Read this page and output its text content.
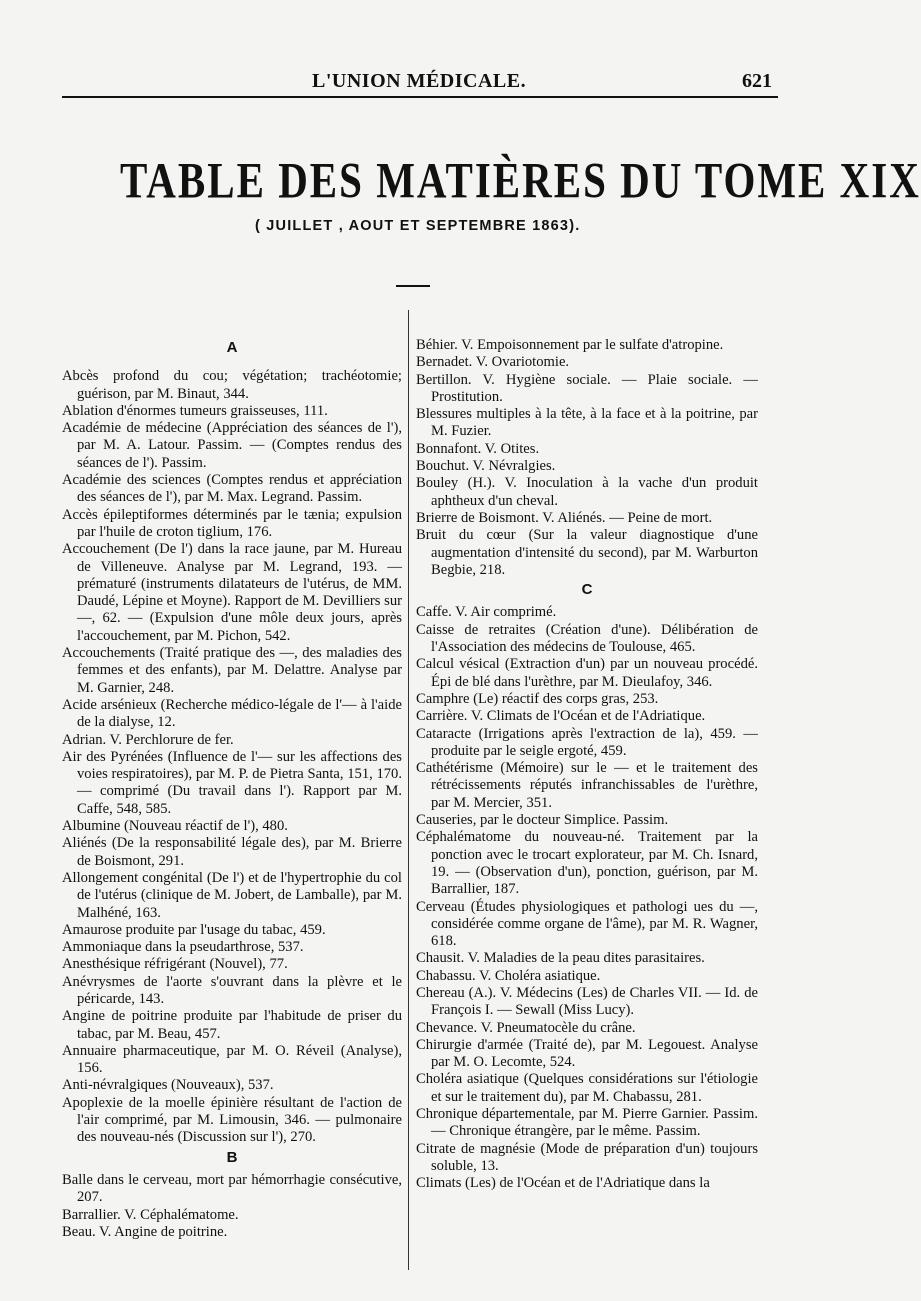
L'UNION MÉDICALE.	621
TABLE DES MATIÈRES DU TOME XIX
( JUILLET , AOUT ET SEPTEMBRE 1863).
A
Abcès profond du cou; végétation; trachéotomie; guérison, par M. Binaut, 344.
Ablation d'énormes tumeurs graisseuses, 111.
Académie de médecine (Appréciation des séances de l'), par M. A. Latour. Passim. — (Comptes rendus des séances de l'). Passim.
Académie des sciences (Comptes rendus et appréciation des séances de l'), par M. Max. Legrand. Passim.
Accès épileptiformes déterminés par le tænia; expulsion par l'huile de croton tiglium, 176.
Accouchement (De l') dans la race jaune, par M. Hureau de Villeneuve. Analyse par M. Legrand, 193. — prématuré (instruments dilatateurs de l'utérus, de MM. Daudé, Lépine et Moyne). Rapport de M. Devilliers sur —, 62. — (Expulsion d'une môle deux jours, après l'accouchement, par M. Pichon, 542.
Accouchements (Traité pratique des —, des maladies des femmes et des enfants), par M. Delattre. Analyse par M. Garnier, 248.
Acide arsénieux (Recherche médico-légale de l'— à l'aide de la dialyse, 12.
Adrian. V. Perchlorure de fer.
Air des Pyrénées (Influence de l'— sur les affections des voies respiratoires), par M. P. de Pietra Santa, 151, 170. — comprimé (Du travail dans l'). Rapport par M. Caffe, 548, 585.
Albumine (Nouveau réactif de l'), 480.
Aliénés (De la responsabilité légale des), par M. Brierre de Boismont, 291.
Allongement congénital (De l') et de l'hypertrophie du col de l'utérus (clinique de M. Jobert, de Lamballe), par M. Malhéné, 163.
Amaurose produite par l'usage du tabac, 459.
Ammoniaque dans la pseudarthrose, 537.
Anesthésique réfrigérant (Nouvel), 77.
Anévrysmes de l'aorte s'ouvrant dans la plèvre et le péricarde, 143.
Angine de poitrine produite par l'habitude de priser du tabac, par M. Beau, 457.
Annuaire pharmaceutique, par M. O. Réveil (Analyse), 156.
Anti-névralgiques (Nouveaux), 537.
Apoplexie de la moelle épinière résultant de l'action de l'air comprimé, par M. Limousin, 346. — pulmonaire des nouveau-nés (Discussion sur l'), 270.
B
Balle dans le cerveau, mort par hémorrhagie consécutive, 207.
Barrallier. V. Céphalématome.
Beau. V. Angine de poitrine.
Béhier. V. Empoisonnement par le sulfate d'atropine.
Bernadet. V. Ovariotomie.
Bertillon. V. Hygiène sociale. — Plaie sociale. — Prostitution.
Blessures multiples à la tête, à la face et à la poitrine, par M. Fuzier.
Bonnafont. V. Otites.
Bouchut. V. Névralgies.
Bouley (H.). V. Inoculation à la vache d'un produit aphtheux d'un cheval.
Brierre de Boismont. V. Aliénés. — Peine de mort.
Bruit du cœur (Sur la valeur diagnostique d'une augmentation d'intensité du second), par M. Warburton Begbie, 218.
C
Caffe. V. Air comprimé.
Caisse de retraites (Création d'une). Délibération de l'Association des médecins de Toulouse, 465.
Calcul vésical (Extraction d'un) par un nouveau procédé. Épi de blé dans l'urèthre, par M. Dieulafoy, 346.
Camphre (Le) réactif des corps gras, 253.
Carrière. V. Climats de l'Océan et de l'Adriatique.
Cataracte (Irrigations après l'extraction de la), 459. — produite par le seigle ergoté, 459.
Cathétérisme (Mémoire) sur le — et le traitement des rétrécissements réputés infranchissables de l'urèthre, par M. Mercier, 351.
Causeries, par le docteur Simplice. Passim.
Céphalématome du nouveau-né. Traitement par la ponction avec le trocart explorateur, par M. Ch. Isnard, 19. — (Observation d'un), ponction, guérison, par M. Barrallier, 187.
Cerveau (Études physiologiques et pathologi ues du —, considérée comme organe de l'âme), par M. R. Wagner, 618.
Chausit. V. Maladies de la peau dites parasitaires.
Chabassu. V. Choléra asiatique.
Chereau (A.). V. Médecins (Les) de Charles VII. — Id. de François I. — Sewall (Miss Lucy).
Chevance. V. Pneumatocèle du crâne.
Chirurgie d'armée (Traité de), par M. Legouest. Analyse par M. O. Lecomte, 524.
Choléra asiatique (Quelques considérations sur l'étiologie et sur le traitement du), par M. Chabassu, 281.
Chronique départementale, par M. Pierre Garnier. Passim. — Chronique étrangère, par le même. Passim.
Citrate de magnésie (Mode de préparation d'un) toujours soluble, 13.
Climats (Les) de l'Océan et de l'Adriatique dans la
